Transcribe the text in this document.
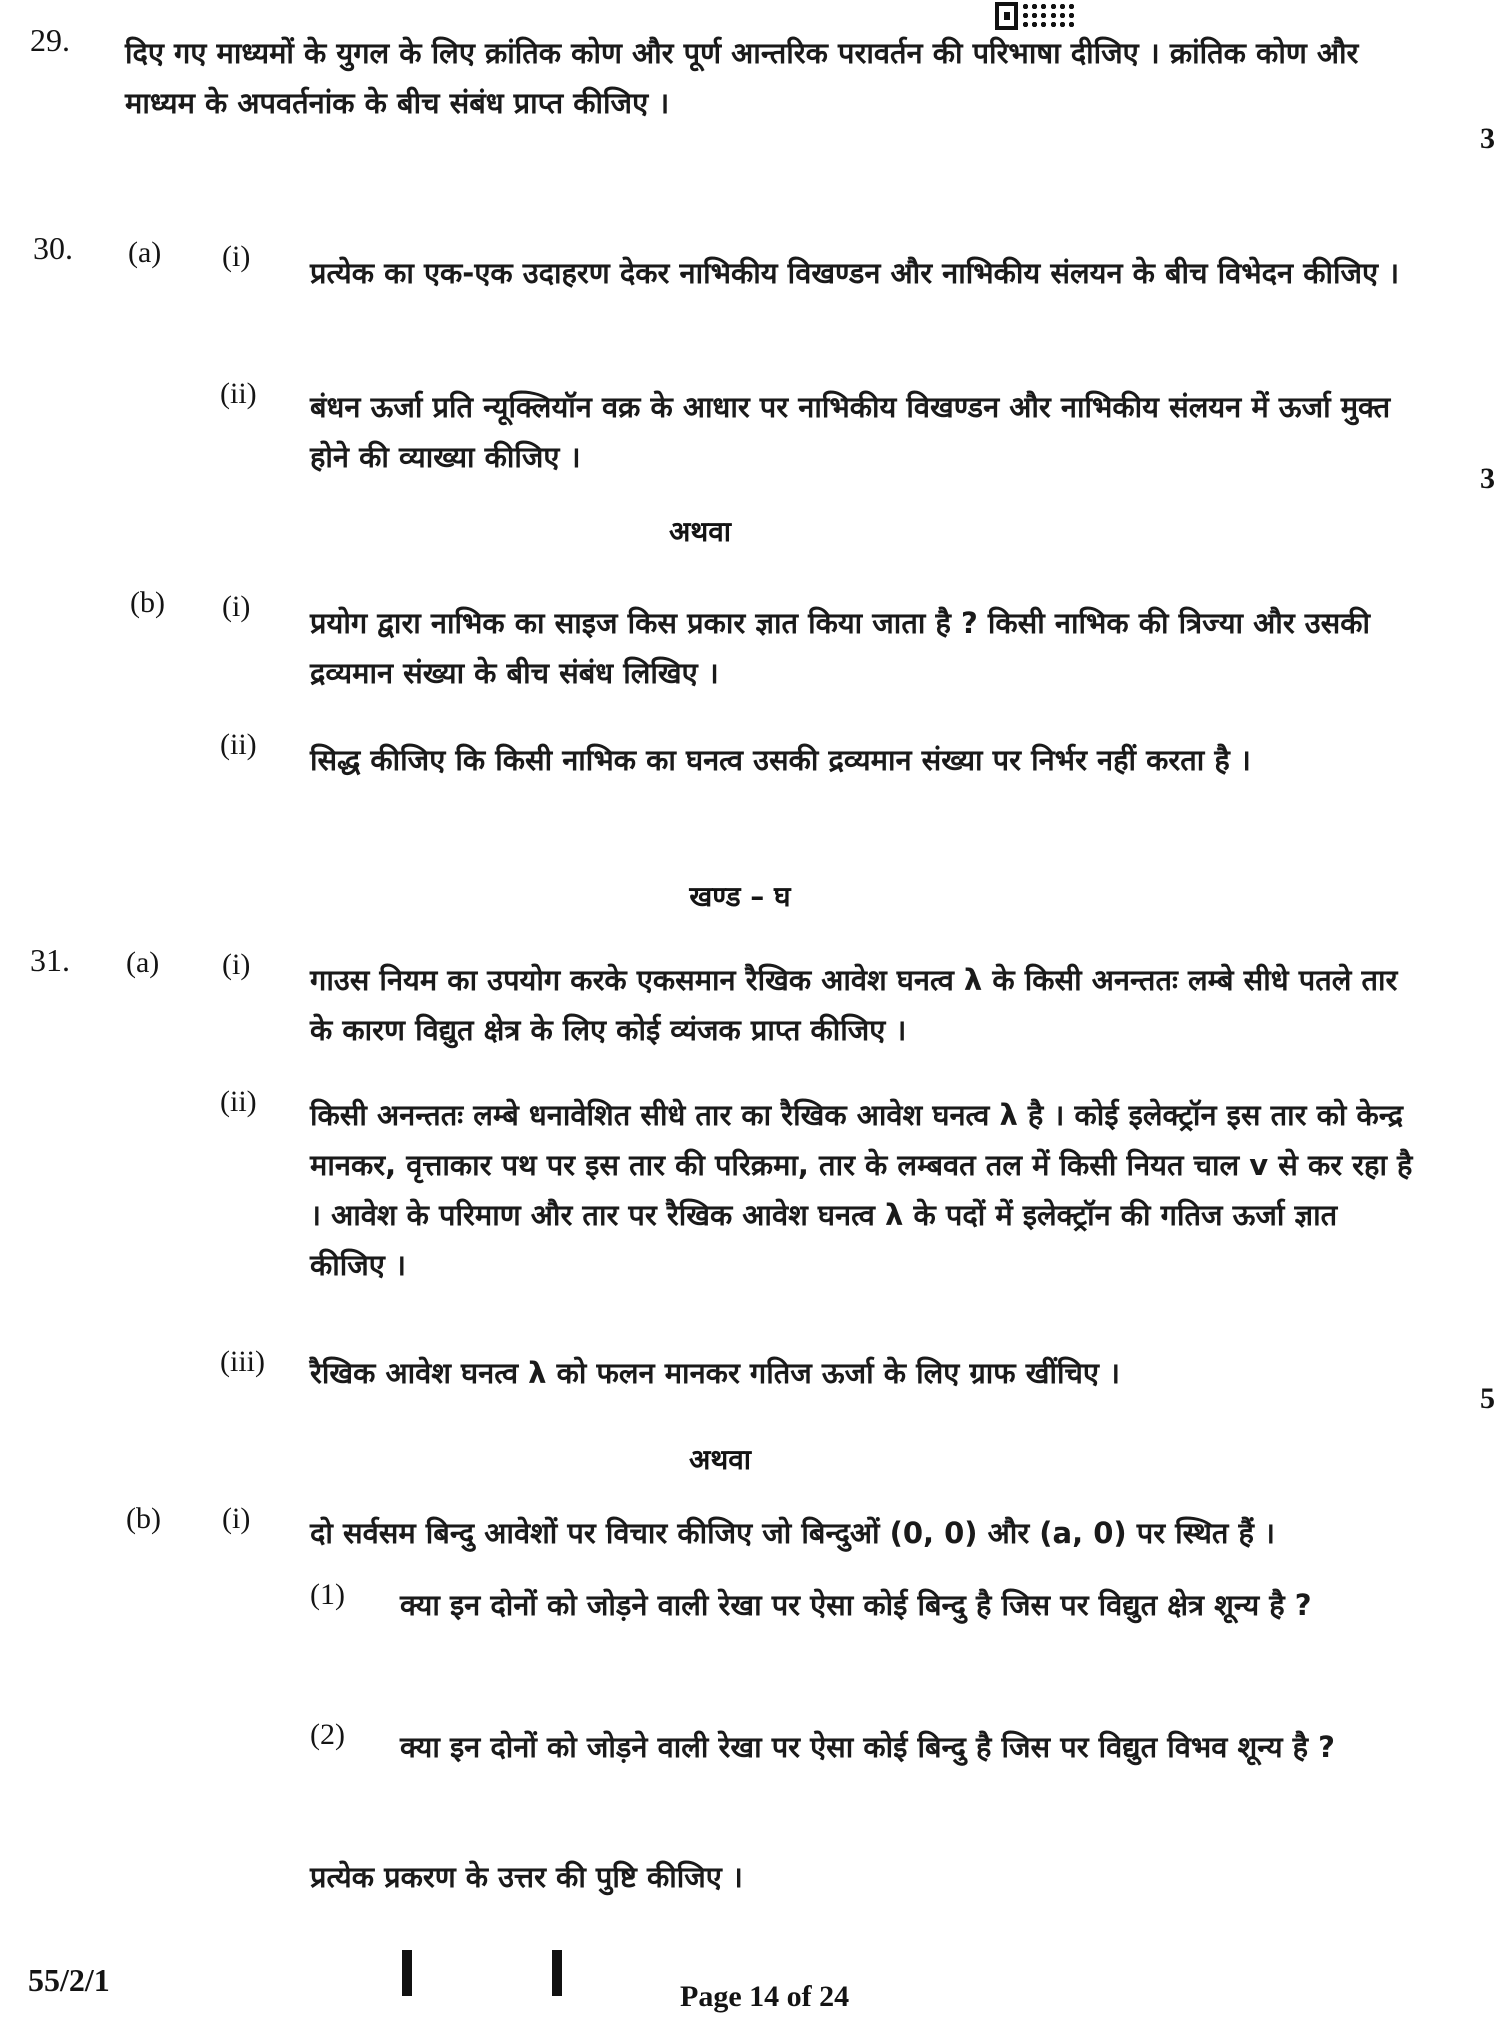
29. दिए गए माध्यमों के युगल के लिए क्रांतिक कोण और पूर्ण आन्तरिक परावर्तन की परिभाषा दीजिए । क्रांतिक कोण और माध्यम के अपवर्तनांक के बीच संबंध प्राप्त कीजिए ।
3
30. (a) (i) प्रत्येक का एक-एक उदाहरण देकर नाभिकीय विखण्डन और नाभिकीय संलयन के बीच विभेदन कीजिए ।
(ii) बंधन ऊर्जा प्रति न्यूक्लियॉन वक्र के आधार पर नाभिकीय विखण्डन और नाभिकीय संलयन में ऊर्जा मुक्त होने की व्याख्या कीजिए ।
3
अथवा
(b) (i) प्रयोग द्वारा नाभिक का साइज किस प्रकार ज्ञात किया जाता है ? किसी नाभिक की त्रिज्या और उसकी द्रव्यमान संख्या के बीच संबंध लिखिए ।
(ii) सिद्ध कीजिए कि किसी नाभिक का घनत्व उसकी द्रव्यमान संख्या पर निर्भर नहीं करता है ।
खण्ड – घ
31. (a) (i) गाउस नियम का उपयोग करके एकसमान रैखिक आवेश घनत्व λ के किसी अनन्ततः लम्बे सीधे पतले तार के कारण विद्युत क्षेत्र के लिए कोई व्यंजक प्राप्त कीजिए ।
(ii) किसी अनन्ततः लम्बे धनावेशित सीधे तार का रैखिक आवेश घनत्व λ है । कोई इलेक्ट्रॉन इस तार को केन्द्र मानकर, वृत्ताकार पथ पर इस तार की परिक्रमा, तार के लम्बवत तल में किसी नियत चाल v से कर रहा है । आवेश के परिमाण और तार पर रैखिक आवेश घनत्व λ के पदों में इलेक्ट्रॉन की गतिज ऊर्जा ज्ञात कीजिए ।
(iii) रैखिक आवेश घनत्व λ को फलन मानकर गतिज ऊर्जा के लिए ग्राफ खींचिए ।
5
अथवा
(b) (i) दो सर्वसम बिन्दु आवेशों पर विचार कीजिए जो बिन्दुओं (0, 0) और (a, 0) पर स्थित हैं ।
(1) क्या इन दोनों को जोड़ने वाली रेखा पर ऐसा कोई बिन्दु है जिस पर विद्युत क्षेत्र शून्य है ?
(2) क्या इन दोनों को जोड़ने वाली रेखा पर ऐसा कोई बिन्दु है जिस पर विद्युत विभव शून्य है ?
प्रत्येक प्रकरण के उत्तर की पुष्टि कीजिए ।
55/2/1	Page 14 of 24
